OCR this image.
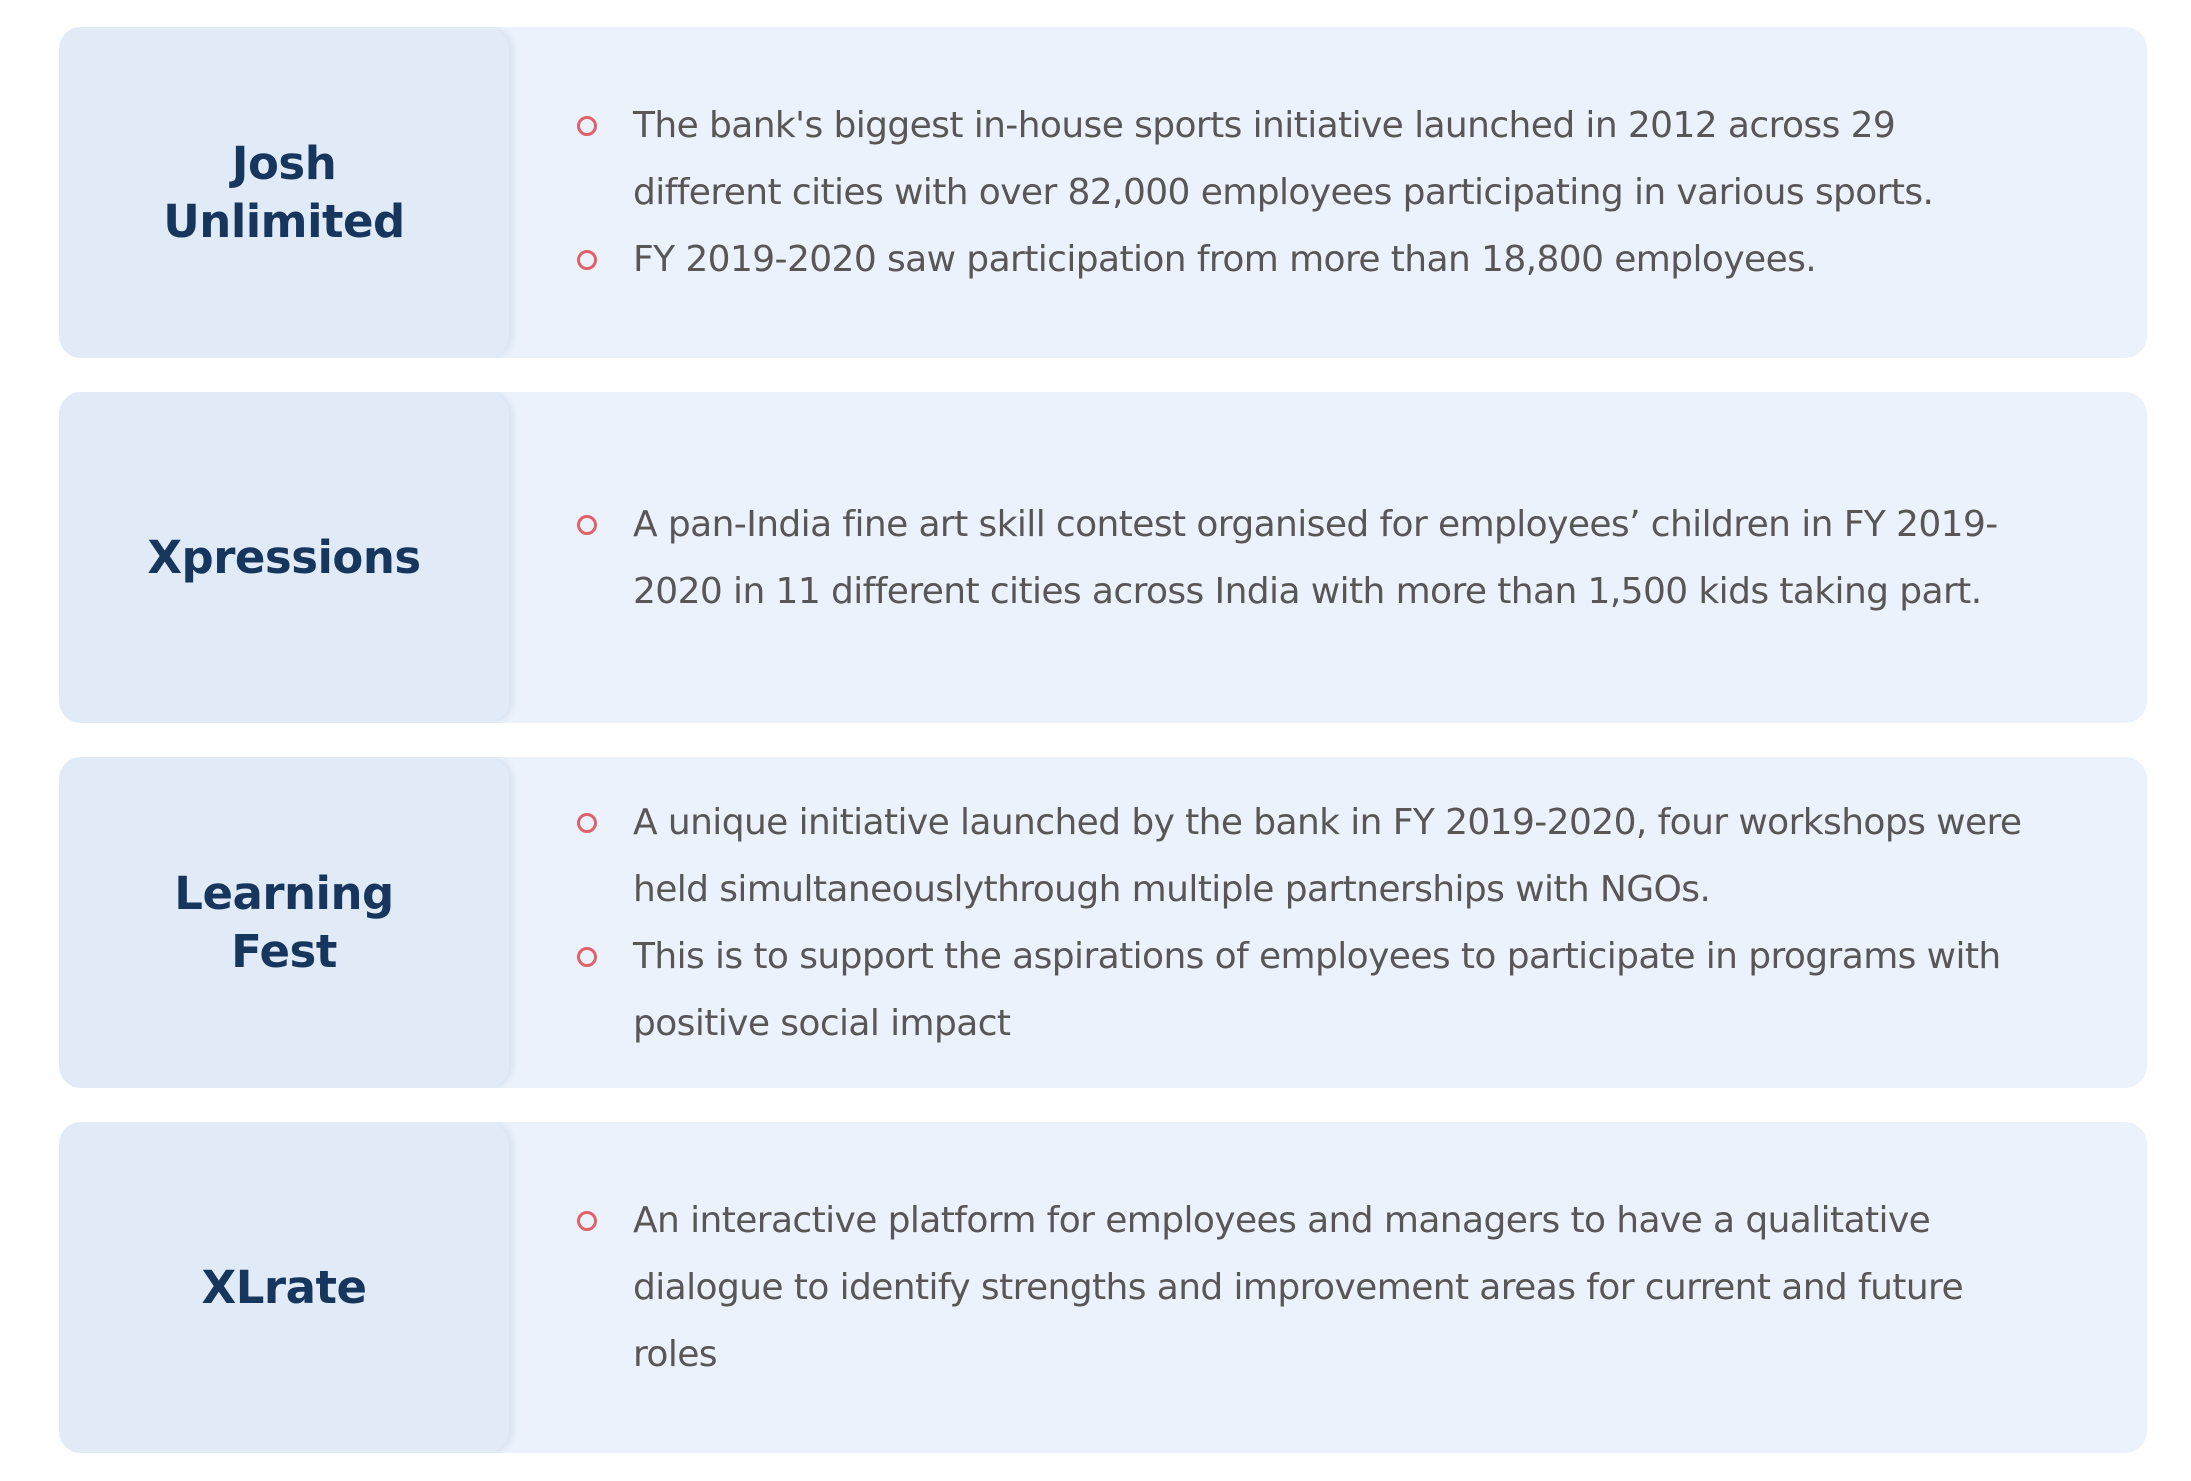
Josh
Unlimited
The bank's biggest in-house sports initiative launched in 2012 across 29 different cities with over 82,000 employees participating in various sports.
FY 2019-2020 saw participation from more than 18,800 employees.
Xpressions
A pan-India fine art skill contest organised for employees’ children in FY 2019-2020 in 11 different cities across India with more than 1,500 kids taking part.
Learning
Fest
A unique initiative launched by the bank in FY 2019-2020, four workshops were held simultaneouslythrough multiple partnerships with NGOs.
This is to support the aspirations of employees to participate in programs with positive social impact
XLrate
An interactive platform for employees and managers to have a qualitative dialogue to identify strengths and improvement areas for current and future roles
